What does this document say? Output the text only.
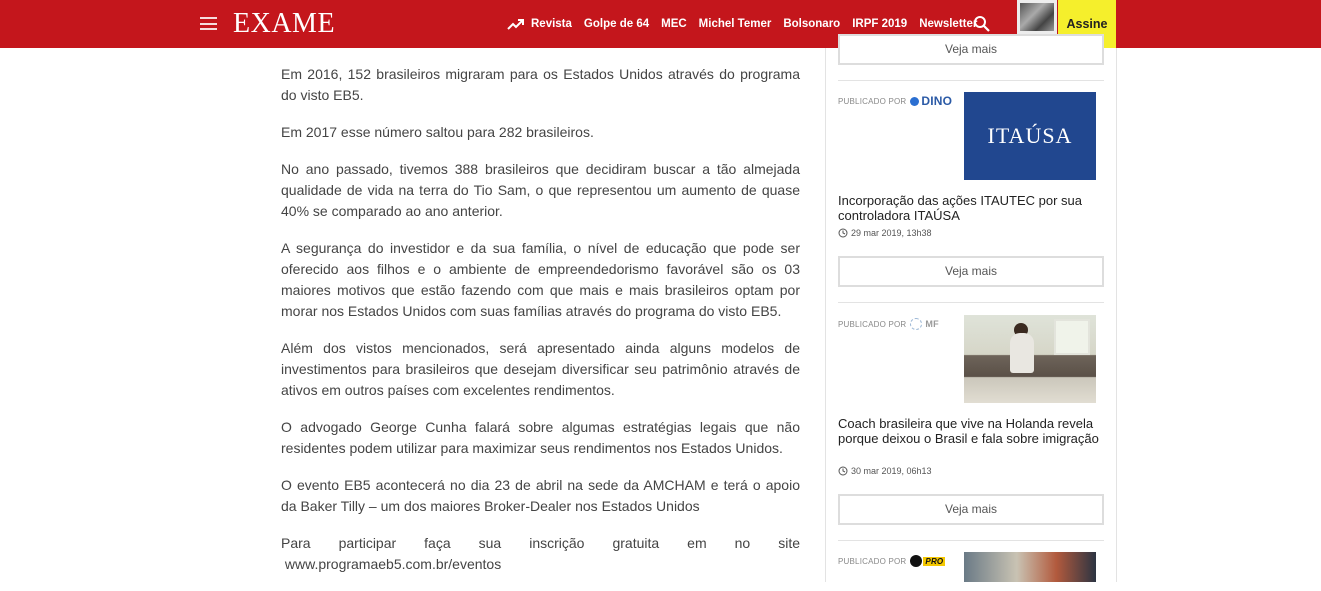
EXAME	Revista Golpe de 64 MEC Michel Temer Bolsonaro IRPF 2019 Newsletter	Assine

Em 2016, 152 brasileiros migraram para os Estados Unidos através do programa do visto EB5.

Em 2017 esse número saltou para 282 brasileiros.

No ano passado, tivemos 388 brasileiros que decidiram buscar a tão almejada qualidade de vida na terra do Tio Sam, o que representou um aumento de quase 40% se comparado ao ano anterior.

A segurança do investidor e da sua família, o nível de educação que pode ser oferecido aos filhos e o ambiente de empreendedorismo favorável são os 03 maiores motivos que estão fazendo com que mais e mais brasileiros optam por morar nos Estados Unidos com suas famílias através do programa do visto EB5.

Além dos vistos mencionados, será apresentado ainda alguns modelos de investimentos para brasileiros que desejam diversificar seu patrimônio através de ativos em outros países com excelentes rendimentos.

O advogado George Cunha falará sobre algumas estratégias legais que não residentes podem utilizar para maximizar seus rendimentos nos Estados Unidos.

O evento EB5 acontecerá no dia 23 de abril na sede da AMCHAM e terá o apoio da Baker Tilly – um dos maiores Broker-Dealer nos Estados Unidos

Para participar faça sua inscrição gratuita em no site

www.programaeb5.com.br/eventos

Veja mais
PUBLICADO POR DINO
ITAÚSA
Incorporação das ações ITAUTEC por sua controladora ITAÚSA
29 mar 2019, 13h38
Veja mais
PUBLICADO POR MF
Coach brasileira que vive na Holanda revela porque deixou o Brasil e fala sobre imigração
30 mar 2019, 06h13
Veja mais
PUBLICADO POR PRO
